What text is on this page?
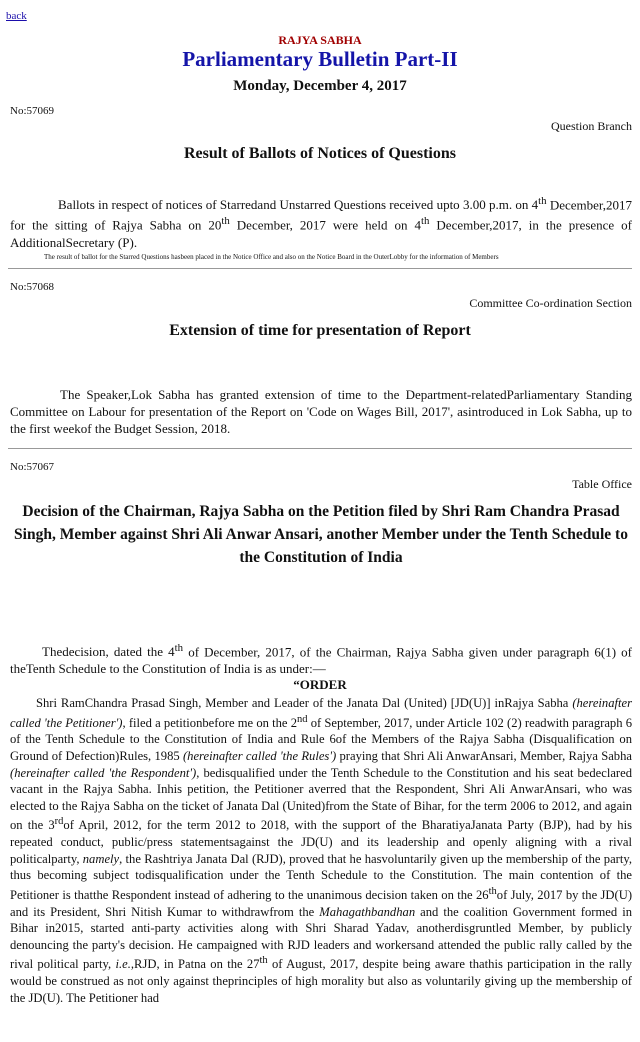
back
RAJYA SABHA
Parliamentary Bulletin Part-II
Monday, December 4, 2017
No:57069
Question Branch
Result of Ballots of Notices of Questions
Ballots in respect of notices of Starredand Unstarred Questions received upto 3.00 p.m. on 4th December,2017 for the sitting of Rajya Sabha on 20th December, 2017 were held on 4th December,2017, in the presence of AdditionalSecretary (P).
The result of ballot for the Starred Questions hasbeen placed in the Notice Office and also on the Notice Board in the OuterLobby for the information of Members
No:57068
Committee Co-ordination Section
Extension of time for presentation of Report
The Speaker,Lok Sabha has granted extension of time to the Department-relatedParliamentary Standing Committee on Labour for presentation of the Report on 'Code on Wages Bill, 2017', asintroduced in Lok Sabha, up to the first weekof the Budget Session, 2018.
No:57067
Table Office
Decision of the Chairman, Rajya Sabha on the Petition filed by Shri Ram Chandra Prasad Singh, Member against Shri Ali Anwar Ansari, another Member under the Tenth Schedule to the Constitution of India
Thedecision, dated the 4th of December, 2017, of the Chairman, Rajya Sabha given under paragraph 6(1) of theTenth Schedule to the Constitution of India is as under:—
“ORDER

Shri RamChandra Prasad Singh, Member and Leader of the Janata Dal (United) [JD(U)] inRajya Sabha (hereinafter called 'the Petitioner'), filed a petitionbefore me on the 2nd of September, 2017, under Article 102 (2) readwith paragraph 6 of the Tenth Schedule to the Constitution of India and Rule 6of the Members of the Rajya Sabha (Disqualification on Ground of Defection)Rules, 1985 (hereinafter called 'the Rules') praying that Shri Ali AnwarAnsari, Member, Rajya Sabha (hereinafter called 'the Respondent'), bedisqualified under the Tenth Schedule to the Constitution and his seat bedeclared vacant in the Rajya Sabha. Inhis petition, the Petitioner averred that the Respondent, Shri Ali AnwarAnsari, who was elected to the Rajya Sabha on the ticket of Janata Dal (United)from the State of Bihar, for the term 2006 to 2012, and again on the 3rdof April, 2012, for the term 2012 to 2018, with the support of the BharatiyaJanata Party (BJP), had by his repeated conduct, public/press statementsagainst the JD(U) and its leadership and openly aligning with a rival politicalparty, namely, the Rashtriya Janata Dal (RJD), proved that he hasvoluntarily given up the membership of the party, thus becoming subject todisqualification under the Tenth Schedule to the Constitution. The main contention of the Petitioner is thatthe Respondent instead of adhering to the unanimous decision taken on the 26thof July, 2017 by the JD(U) and its President, Shri Nitish Kumar to withdrawfrom the Mahagathbandhan and the coalition Government formed in Bihar in2015, started anti-party activities along with Shri Sharad Yadav, anotherdisgruntled Member, by publicly denouncing the party's decision. He campaigned with RJD leaders and workersand attended the public rally called by the rival political party, i.e.,RJD, in Patna on the 27th of August, 2017, despite being aware thathis participation in the rally would be construed as not only against theprinciples of high morality but also as voluntarily giving up the membership of the JD(U). The Petitioner had
